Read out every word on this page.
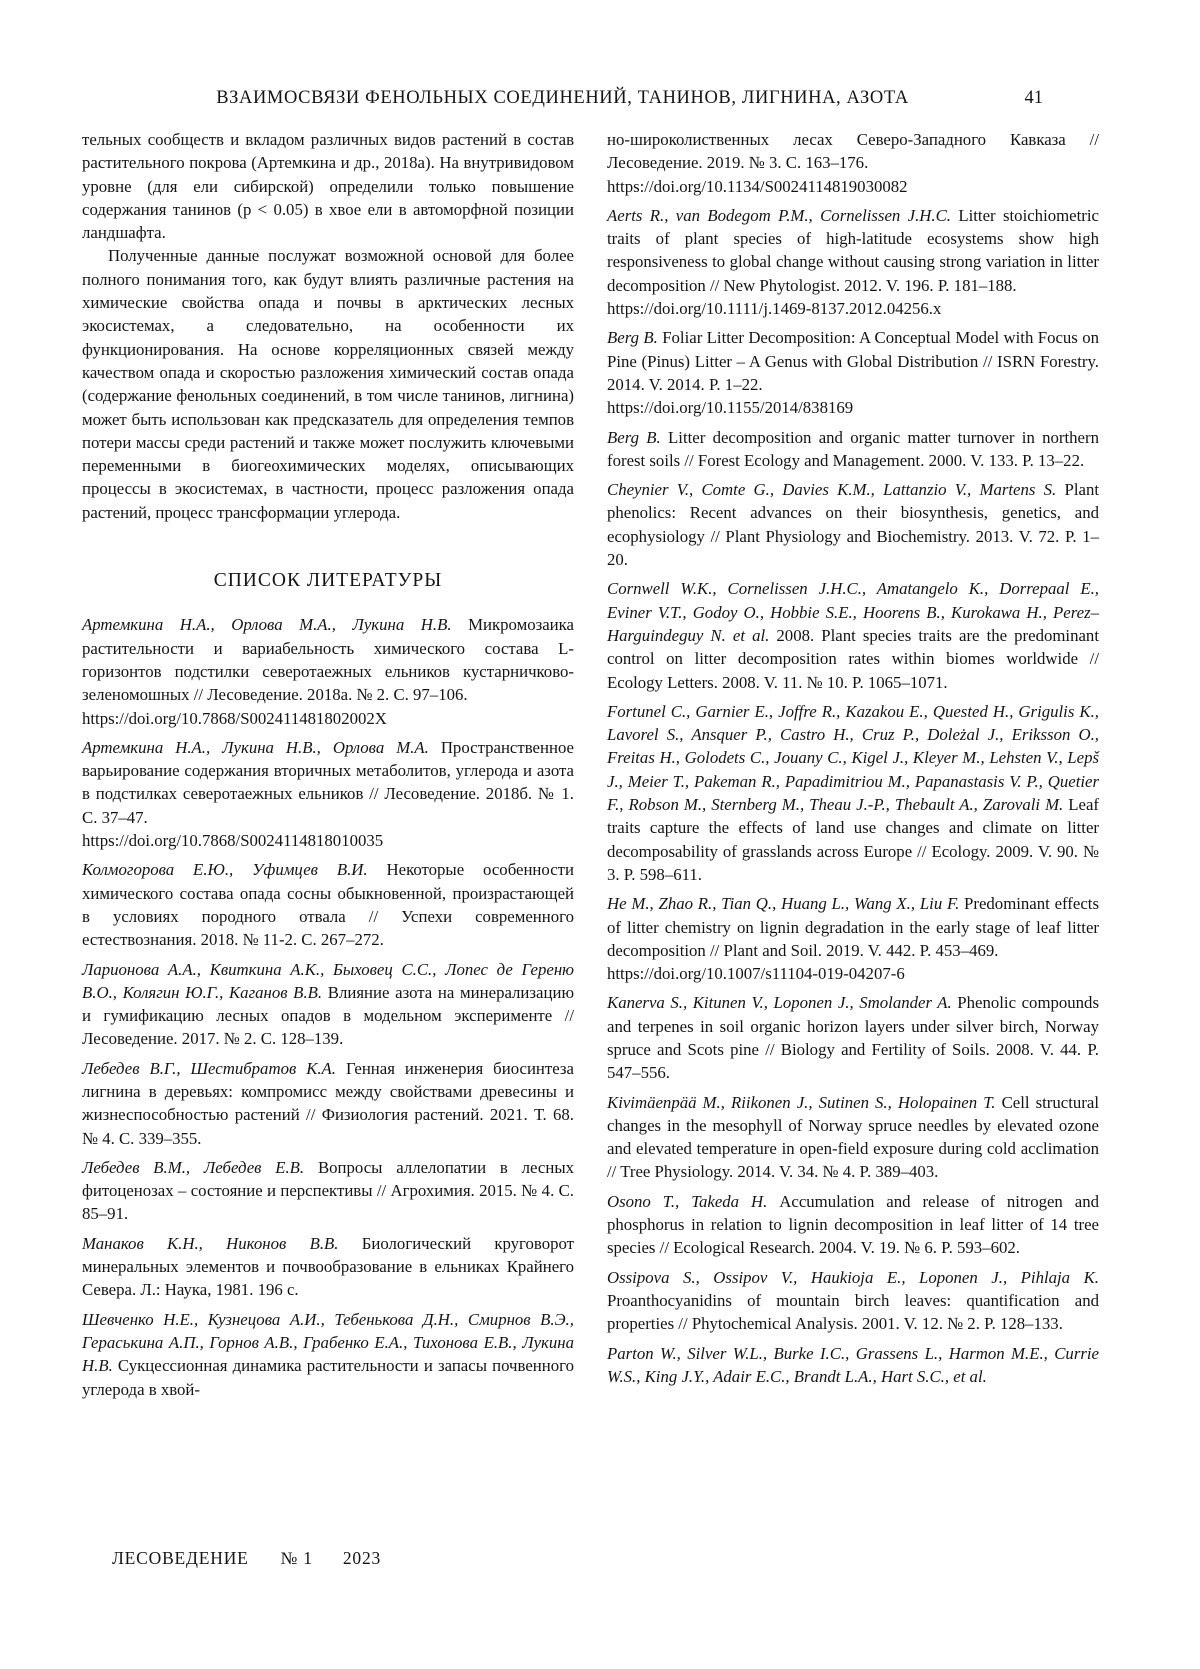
ВЗАИМОСВЯЗИ ФЕНОЛЬНЫХ СОЕДИНЕНИЙ, ТАНИНОВ, ЛИГНИНА, АЗОТА	41

тельных сообществ и вкладом различных видов растений в состав растительного покрова (Артемкина и др., 2018а). На внутривидовом уровне (для ели сибирской) определили только повышение содержания танинов (p < 0.05) в хвое ели в автоморфной позиции ландшафта.

Полученные данные послужат возможной основой для более полного понимания того, как будут влиять различные растения на химические свойства опада и почвы в арктических лесных экосистемах, а следовательно, на особенности их функционирования. На основе корреляционных связей между качеством опада и скоростью разложения химический состав опада (содержание фенольных соединений, в том числе танинов, лигнина) может быть использован как предсказатель для определения темпов потери массы среди растений и также может послужить ключевыми переменными в биогеохимических моделях, описывающих процессы в экосистемах, в частности, процесс разложения опада растений, процесс трансформации углерода.

СПИСОК ЛИТЕРАТУРЫ

Артемкина Н.А., Орлова М.А., Лукина Н.В. Микромозаика растительности и вариабельность химического состава L-горизонтов подстилки северотаежных ельников кустарничково-зеленомошных // Лесоведение. 2018а. № 2. С. 97–106.

https://doi.org/10.7868/S002411481802002X

Артемкина Н.А., Лукина Н.В., Орлова М.А. Пространственное варьирование содержания вторичных метаболитов, углерода и азота в подстилках северотаежных ельников // Лесоведение. 2018б. № 1. С. 37–47.

https://doi.org/10.7868/S0024114818010035

Колмогорова Е.Ю., Уфимцев В.И. Некоторые особенности химического состава опада сосны обыкновенной, произрастающей в условиях породного отвала // Успехи современного естествознания. 2018. № 11-2. С. 267–272.

Ларионова А.А., Квиткина А.К., Быховец С.С., Лопес де Гереню В.О., Колягин Ю.Г., Каганов В.В. Влияние азота на минерализацию и гумификацию лесных опадов в модельном эксперименте // Лесоведение. 2017. № 2. С. 128–139.

Лебедев В.Г., Шестибратов К.А. Генная инженерия биосинтеза лигнина в деревьях: компромисс между свойствами древесины и жизнеспособностью растений // Физиология растений. 2021. Т. 68. № 4. С. 339–355.

Лебедев В.М., Лебедев Е.В. Вопросы аллелопатии в лесных фитоценозах – состояние и перспективы // Агрохимия. 2015. № 4. С. 85–91.

Манаков К.Н., Никонов В.В. Биологический круговорот минеральных элементов и почвообразование в ельниках Крайнего Севера. Л.: Наука, 1981. 196 с.

Шевченко Н.Е., Кузнецова А.И., Тебенькова Д.Н., Смирнов В.Э., Гераськина А.П., Горнов А.В., Грабенко Е.А., Тихонова Е.В., Лукина Н.В. Сукцессионная динамика растительности и запасы почвенного углерода в хвой-

но-широколиственных лесах Северо-Западного Кавказа // Лесоведение. 2019. № 3. С. 163–176.

https://doi.org/10.1134/S0024114819030082

Aerts R., van Bodegom P.M., Cornelissen J.H.C. Litter stoichiometric traits of plant species of high-latitude ecosystems show high responsiveness to global change without causing strong variation in litter decomposition // New Phytologist. 2012. V. 196. P. 181–188.

https://doi.org/10.1111/j.1469-8137.2012.04256.x

Berg B. Foliar Litter Decomposition: A Conceptual Model with Focus on Pine (Pinus) Litter – A Genus with Global Distribution // ISRN Forestry. 2014. V. 2014. P. 1–22.

https://doi.org/10.1155/2014/838169

Berg B. Litter decomposition and organic matter turnover in northern forest soils // Forest Ecology and Management. 2000. V. 133. P. 13–22.

Cheynier V., Comte G., Davies K.M., Lattanzio V., Martens S. Plant phenolics: Recent advances on their biosynthesis, genetics, and ecophysiology // Plant Physiology and Biochemistry. 2013. V. 72. P. 1–20.

Cornwell W.K., Cornelissen J.H.C., Amatangelo K., Dorrepaal E., Eviner V.T., Godoy O., Hobbie S.E., Hoorens B., Kurokawa H., Perez–Harguindeguy N. et al. 2008. Plant species traits are the predominant control on litter decomposition rates within biomes worldwide // Ecology Letters. 2008. V. 11. № 10. P. 1065–1071.

Fortunel C., Garnier E., Joffre R., Kazakou E., Quested H., Grigulis K., Lavorel S., Ansquer P., Castro H., Cruz P., Doleżal J., Eriksson O., Freitas H., Golodets C., Jouany C., Kigel J., Kleyer M., Lehsten V., Lepš J., Meier T., Pakeman R., Papadimitriou M., Papanastasis V. P., Quetier F., Robson M., Sternberg M., Theau J.-P., Thebault A., Zarovali M. Leaf traits capture the effects of land use changes and climate on litter decomposability of grasslands across Europe // Ecology. 2009. V. 90. № 3. P. 598–611.

He M., Zhao R., Tian Q., Huang L., Wang X., Liu F. Predominant effects of litter chemistry on lignin degradation in the early stage of leaf litter decomposition // Plant and Soil. 2019. V. 442. P. 453–469.

https://doi.org/10.1007/s11104-019-04207-6

Kanerva S., Kitunen V., Loponen J., Smolander A. Phenolic compounds and terpenes in soil organic horizon layers under silver birch, Norway spruce and Scots pine // Biology and Fertility of Soils. 2008. V. 44. P. 547–556.

Kivimäenpää M., Riikonen J., Sutinen S., Holopainen T. Cell structural changes in the mesophyll of Norway spruce needles by elevated ozone and elevated temperature in open-field exposure during cold acclimation // Tree Physiology. 2014. V. 34. № 4. P. 389–403.

Osono T., Takeda H. Accumulation and release of nitrogen and phosphorus in relation to lignin decomposition in leaf litter of 14 tree species // Ecological Research. 2004. V. 19. № 6. P. 593–602.

Ossipova S., Ossipov V., Haukioja E., Loponen J., Pihlaja K. Proanthocyanidins of mountain birch leaves: quantification and properties // Phytochemical Analysis. 2001. V. 12. № 2. P. 128–133.

Parton W., Silver W.L., Burke I.C., Grassens L., Harmon M.E., Currie W.S., King J.Y., Adair E.C., Brandt L.A., Hart S.C., et al.

ЛЕСОВЕДЕНИЕ № 1 2023
